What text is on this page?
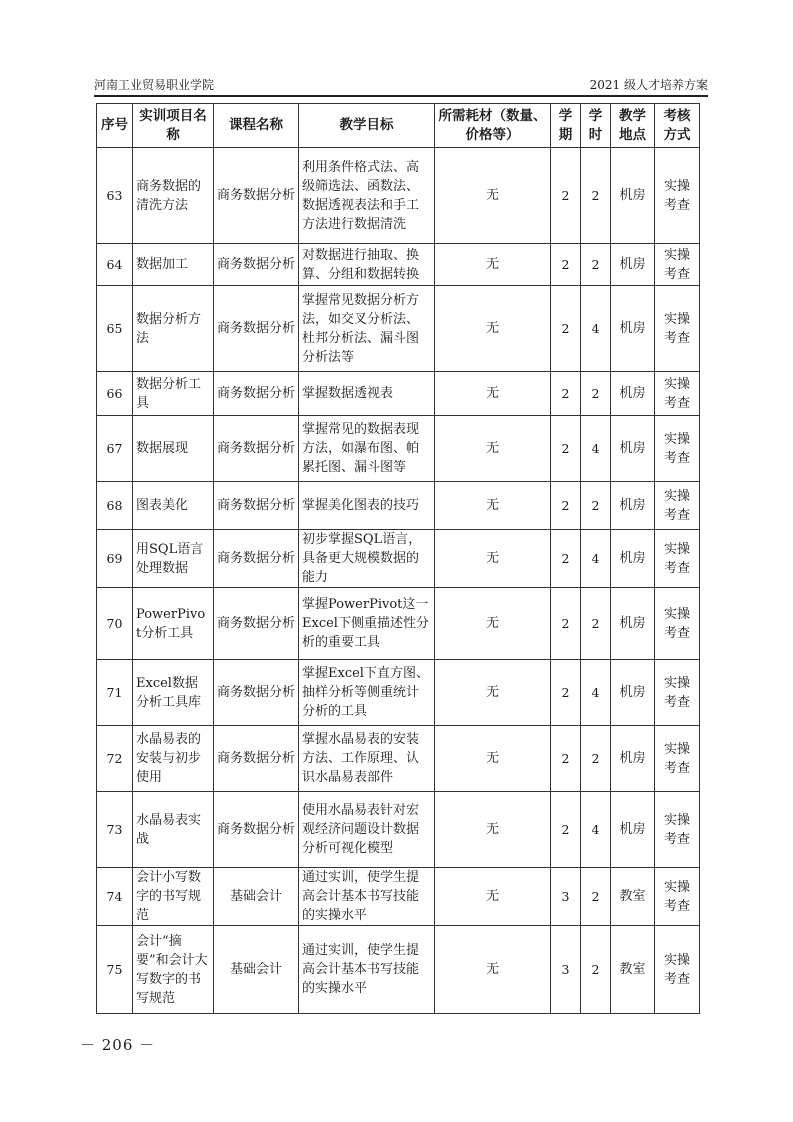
河南工业贸易职业学院	2021 级人才培养方案
序号	实训项目名称	课程名称	教学目标	所需耗材（数量、价格等）	学期	学时	教学地点	考核方式
63	商务数据的清洗方法	商务数据分析	利用条件格式法、高级筛选法、函数法、数据透视表法和手工方法进行数据清洗	无	2	2	机房	实操考查
64	数据加工	商务数据分析	对数据进行抽取、换算、分组和数据转换	无	2	2	机房	实操考查
65	数据分析方法	商务数据分析	掌握常见数据分析方法，如交叉分析法、杜邦分析法、漏斗图分析法等	无	2	4	机房	实操考查
66	数据分析工具	商务数据分析	掌握数据透视表	无	2	2	机房	实操考查
67	数据展现	商务数据分析	掌握常见的数据表现方法，如瀑布图、帕累托图、漏斗图等	无	2	4	机房	实操考查
68	图表美化	商务数据分析	掌握美化图表的技巧	无	2	2	机房	实操考查
69	用SQL语言处理数据	商务数据分析	初步掌握SQL语言，具备更大规模数据的能力	无	2	4	机房	实操考查
70	PowerPivot分析工具	商务数据分析	掌握PowerPivot这一Excel下侧重描述性分析的重要工具	无	2	2	机房	实操考查
71	Excel数据分析工具库	商务数据分析	掌握Excel下直方图、抽样分析等侧重统计分析的工具	无	2	4	机房	实操考查
72	水晶易表的安装与初步使用	商务数据分析	掌握水晶易表的安装方法、工作原理、认识水晶易表部件	无	2	2	机房	实操考查
73	水晶易表实战	商务数据分析	使用水晶易表针对宏观经济问题设计数据分析可视化模型	无	2	4	机房	实操考查
74	会计小写数字的书写规范	基础会计	通过实训，使学生提高会计基本书写技能的实操水平	无	3	2	教室	实操考查
75	会计“摘要”和会计大写数字的书写规范	基础会计	通过实训，使学生提高会计基本书写技能的实操水平	无	3	2	教室	实操考查
－ 206 －
